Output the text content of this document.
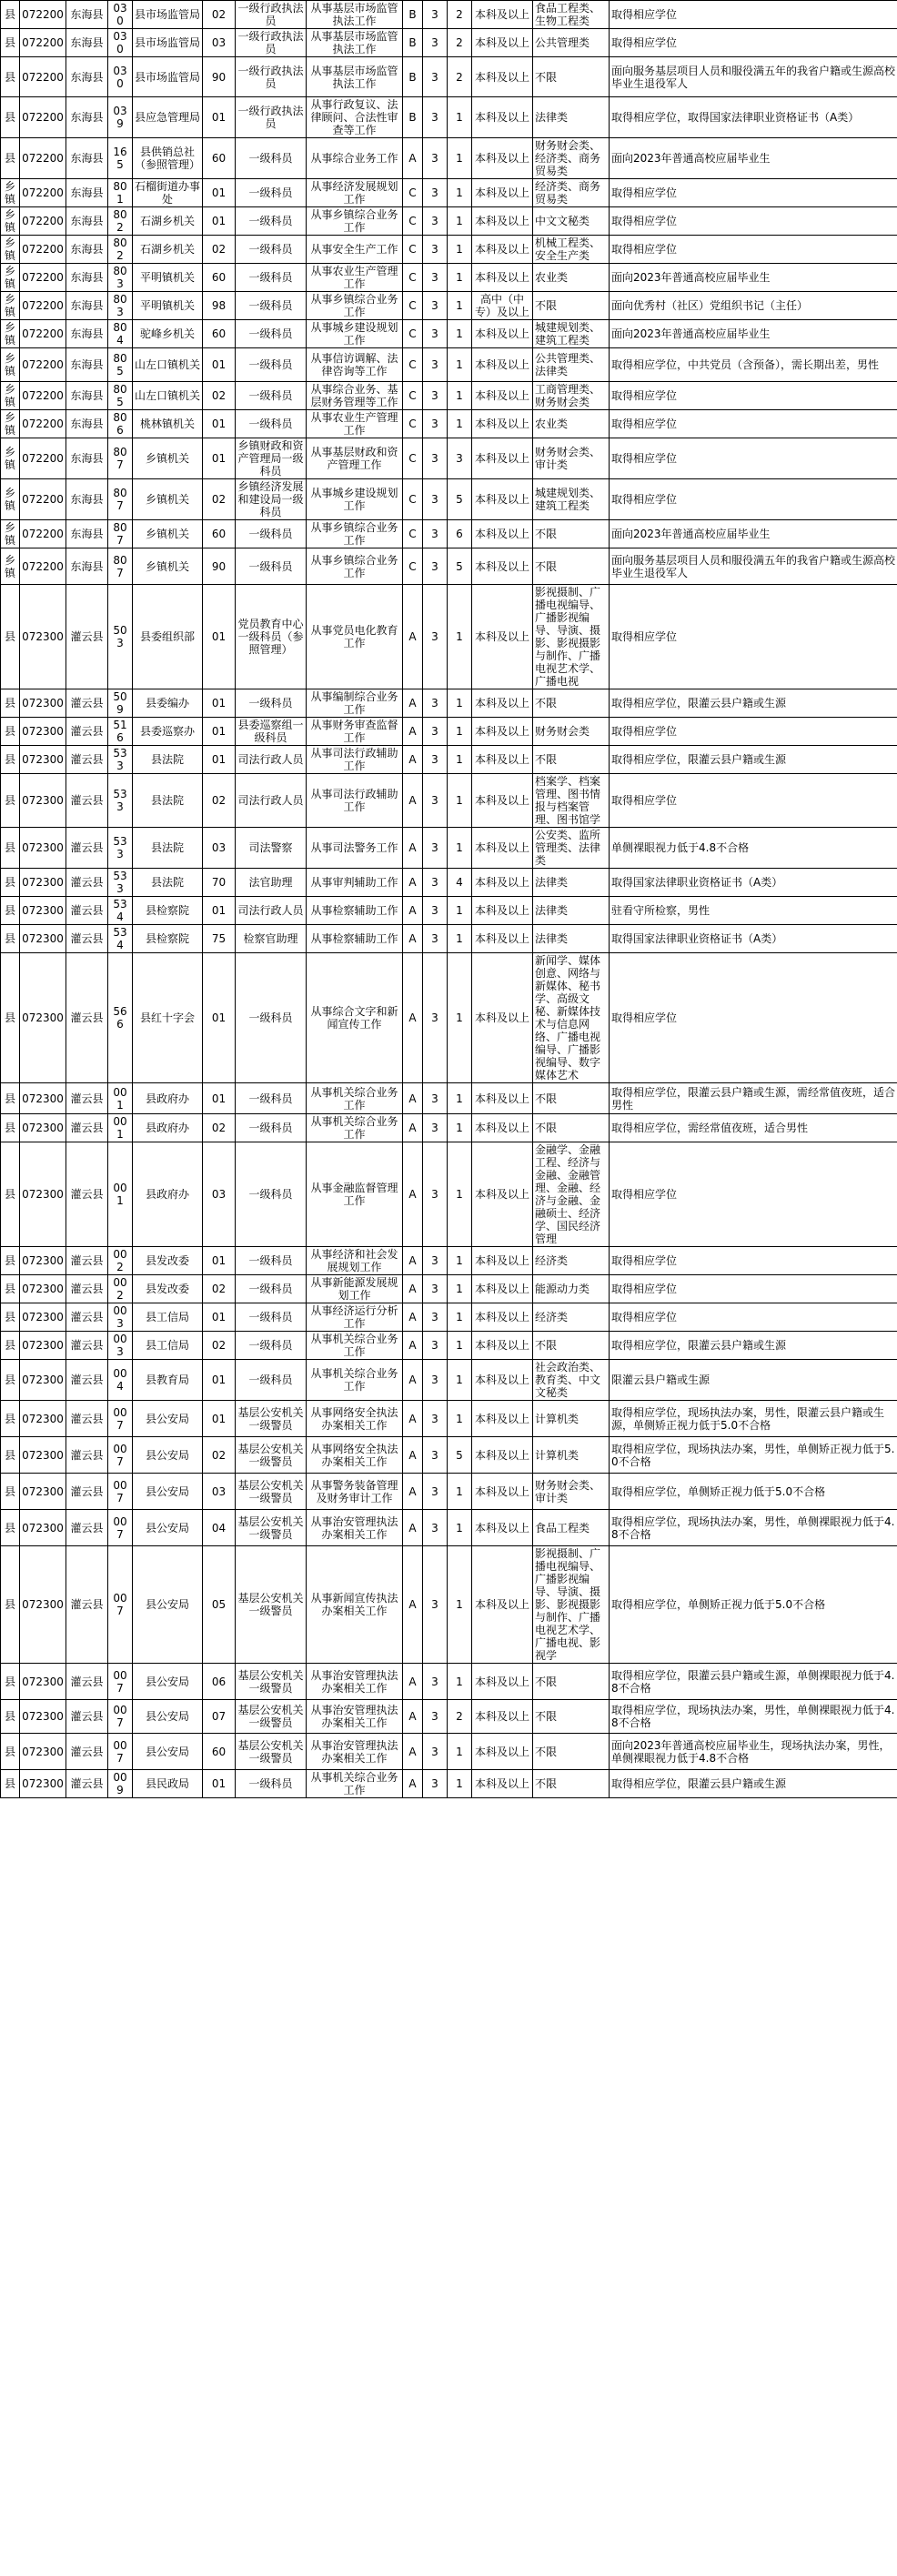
县	072200	东海县	030	县市场监管局	02	一级行政执法员	从事基层市场监管执法工作	B	3	2	本科及以上	食品工程类、生物工程类	取得相应学位
县	072200	东海县	030	县市场监管局	03	一级行政执法员	从事基层市场监管执法工作	B	3	2	本科及以上	公共管理类	取得相应学位
县	072200	东海县	030	县市场监管局	90	一级行政执法员	从事基层市场监管执法工作	B	3	2	本科及以上	不限	面向服务基层项目人员和服役满五年的我省户籍或生源高校毕业生退役军人
县	072200	东海县	039	县应急管理局	01	一级行政执法员	从事行政复议、法律顾问、合法性审查等工作	B	3	1	本科及以上	法律类	取得相应学位，取得国家法律职业资格证书（A类）
县	072200	东海县	165	县供销总社（参照管理）	60	一级科员	从事综合业务工作	A	3	1	本科及以上	财务财会类、经济类、商务贸易类	面向2023年普通高校应届毕业生
乡镇	072200	东海县	801	石榴街道办事处	01	一级科员	从事经济发展规划工作	C	3	1	本科及以上	经济类、商务贸易类	取得相应学位
乡镇	072200	东海县	802	石湖乡机关	01	一级科员	从事乡镇综合业务工作	C	3	1	本科及以上	中文文秘类	取得相应学位
乡镇	072200	东海县	802	石湖乡机关	02	一级科员	从事安全生产工作	C	3	1	本科及以上	机械工程类、安全生产类	取得相应学位
乡镇	072200	东海县	803	平明镇机关	60	一级科员	从事农业生产管理工作	C	3	1	本科及以上	农业类	面向2023年普通高校应届毕业生
乡镇	072200	东海县	803	平明镇机关	98	一级科员	从事乡镇综合业务工作	C	3	1	高中（中专）及以上	不限	面向优秀村（社区）党组织书记（主任）
乡镇	072200	东海县	804	驼峰乡机关	60	一级科员	从事城乡建设规划工作	C	3	1	本科及以上	城建规划类、建筑工程类	面向2023年普通高校应届毕业生
乡镇	072200	东海县	805	山左口镇机关	01	一级科员	从事信访调解、法律咨询等工作	C	3	1	本科及以上	公共管理类、法律类	取得相应学位，中共党员（含预备），需长期出差，男性
乡镇	072200	东海县	805	山左口镇机关	02	一级科员	从事综合业务、基层财务管理等工作	C	3	1	本科及以上	工商管理类、财务财会类	取得相应学位
乡镇	072200	东海县	806	桃林镇机关	01	一级科员	从事农业生产管理工作	C	3	1	本科及以上	农业类	取得相应学位
乡镇	072200	东海县	807	乡镇机关	01	乡镇财政和资产管理局一级科员	从事基层财政和资产管理工作	C	3	3	本科及以上	财务财会类、审计类	取得相应学位
乡镇	072200	东海县	807	乡镇机关	02	乡镇经济发展和建设局一级科员	从事城乡建设规划工作	C	3	5	本科及以上	城建规划类、建筑工程类	取得相应学位
乡镇	072200	东海县	807	乡镇机关	60	一级科员	从事乡镇综合业务工作	C	3	6	本科及以上	不限	面向2023年普通高校应届毕业生
乡镇	072200	东海县	807	乡镇机关	90	一级科员	从事乡镇综合业务工作	C	3	5	本科及以上	不限	面向服务基层项目人员和服役满五年的我省户籍或生源高校毕业生退役军人
县	072300	灌云县	503	县委组织部	01	党员教育中心一级科员（参照管理）	从事党员电化教育工作	A	3	1	本科及以上	影视摄制、广播电视编导、广播影视编导、导演、摄影、影视摄影与制作、广播电视艺术学、广播电视	取得相应学位
县	072300	灌云县	509	县委编办	01	一级科员	从事编制综合业务工作	A	3	1	本科及以上	不限	取得相应学位，限灌云县户籍或生源
县	072300	灌云县	516	县委巡察办	01	县委巡察组一级科员	从事财务审查监督工作	A	3	1	本科及以上	财务财会类	取得相应学位
县	072300	灌云县	533	县法院	01	司法行政人员	从事司法行政辅助工作	A	3	1	本科及以上	不限	取得相应学位，限灌云县户籍或生源
县	072300	灌云县	533	县法院	02	司法行政人员	从事司法行政辅助工作	A	3	1	本科及以上	档案学、档案管理、图书情报与档案管理、图书馆学	取得相应学位
县	072300	灌云县	533	县法院	03	司法警察	从事司法警务工作	A	3	1	本科及以上	公安类、监所管理类、法律类	单侧裸眼视力低于4.8不合格
县	072300	灌云县	533	县法院	70	法官助理	从事审判辅助工作	A	3	4	本科及以上	法律类	取得国家法律职业资格证书（A类）
县	072300	灌云县	534	县检察院	01	司法行政人员	从事检察辅助工作	A	3	1	本科及以上	法律类	驻看守所检察，男性
县	072300	灌云县	534	县检察院	75	检察官助理	从事检察辅助工作	A	3	1	本科及以上	法律类	取得国家法律职业资格证书（A类）
县	072300	灌云县	566	县红十字会	01	一级科员	从事综合文字和新闻宣传工作	A	3	1	本科及以上	新闻学、媒体创意、网络与新媒体、秘书学、高级文秘、新媒体技术与信息网络、广播电视编导、广播影视编导、数字媒体艺术	取得相应学位
县	072300	灌云县	001	县政府办	01	一级科员	从事机关综合业务工作	A	3	1	本科及以上	不限	取得相应学位，限灌云县户籍或生源，需经常值夜班，适合男性
县	072300	灌云县	001	县政府办	02	一级科员	从事机关综合业务工作	A	3	1	本科及以上	不限	取得相应学位，需经常值夜班，适合男性
县	072300	灌云县	001	县政府办	03	一级科员	从事金融监督管理工作	A	3	1	本科及以上	金融学、金融工程、经济与金融、金融管理、金融、经济与金融、金融硕士、经济学、国民经济管理	取得相应学位
县	072300	灌云县	002	县发改委	01	一级科员	从事经济和社会发展规划工作	A	3	1	本科及以上	经济类	取得相应学位
县	072300	灌云县	002	县发改委	02	一级科员	从事新能源发展规划工作	A	3	1	本科及以上	能源动力类	取得相应学位
县	072300	灌云县	003	县工信局	01	一级科员	从事经济运行分析工作	A	3	1	本科及以上	经济类	取得相应学位
县	072300	灌云县	003	县工信局	02	一级科员	从事机关综合业务工作	A	3	1	本科及以上	不限	取得相应学位，限灌云县户籍或生源
县	072300	灌云县	004	县教育局	01	一级科员	从事机关综合业务工作	A	3	1	本科及以上	社会政治类、教育类、中文文秘类	限灌云县户籍或生源
县	072300	灌云县	007	县公安局	01	基层公安机关一级警员	从事网络安全执法办案相关工作	A	3	1	本科及以上	计算机类	取得相应学位，现场执法办案，男性，限灌云县户籍或生源，单侧矫正视力低于5.0不合格
县	072300	灌云县	007	县公安局	02	基层公安机关一级警员	从事网络安全执法办案相关工作	A	3	5	本科及以上	计算机类	取得相应学位，现场执法办案，男性，单侧矫正视力低于5.0不合格
县	072300	灌云县	007	县公安局	03	基层公安机关一级警员	从事警务装备管理及财务审计工作	A	3	1	本科及以上	财务财会类、审计类	取得相应学位，单侧矫正视力低于5.0不合格
县	072300	灌云县	007	县公安局	04	基层公安机关一级警员	从事治安管理执法办案相关工作	A	3	1	本科及以上	食品工程类	取得相应学位，现场执法办案，男性，单侧裸眼视力低于4.8不合格
县	072300	灌云县	007	县公安局	05	基层公安机关一级警员	从事新闻宣传执法办案相关工作	A	3	1	本科及以上	影视摄制、广播电视编导、广播影视编导、导演、摄影、影视摄影与制作、广播电视艺术学、广播电视、影视学	取得相应学位，单侧矫正视力低于5.0不合格
县	072300	灌云县	007	县公安局	06	基层公安机关一级警员	从事治安管理执法办案相关工作	A	3	1	本科及以上	不限	取得相应学位，限灌云县户籍或生源，单侧裸眼视力低于4.8不合格
县	072300	灌云县	007	县公安局	07	基层公安机关一级警员	从事治安管理执法办案相关工作	A	3	2	本科及以上	不限	取得相应学位，现场执法办案，男性，单侧裸眼视力低于4.8不合格
县	072300	灌云县	007	县公安局	60	基层公安机关一级警员	从事治安管理执法办案相关工作	A	3	1	本科及以上	不限	面向2023年普通高校应届毕业生，现场执法办案，男性，单侧裸眼视力低于4.8不合格
县	072300	灌云县	009	县民政局	01	一级科员	从事机关综合业务工作	A	3	1	本科及以上	不限	取得相应学位，限灌云县户籍或生源
